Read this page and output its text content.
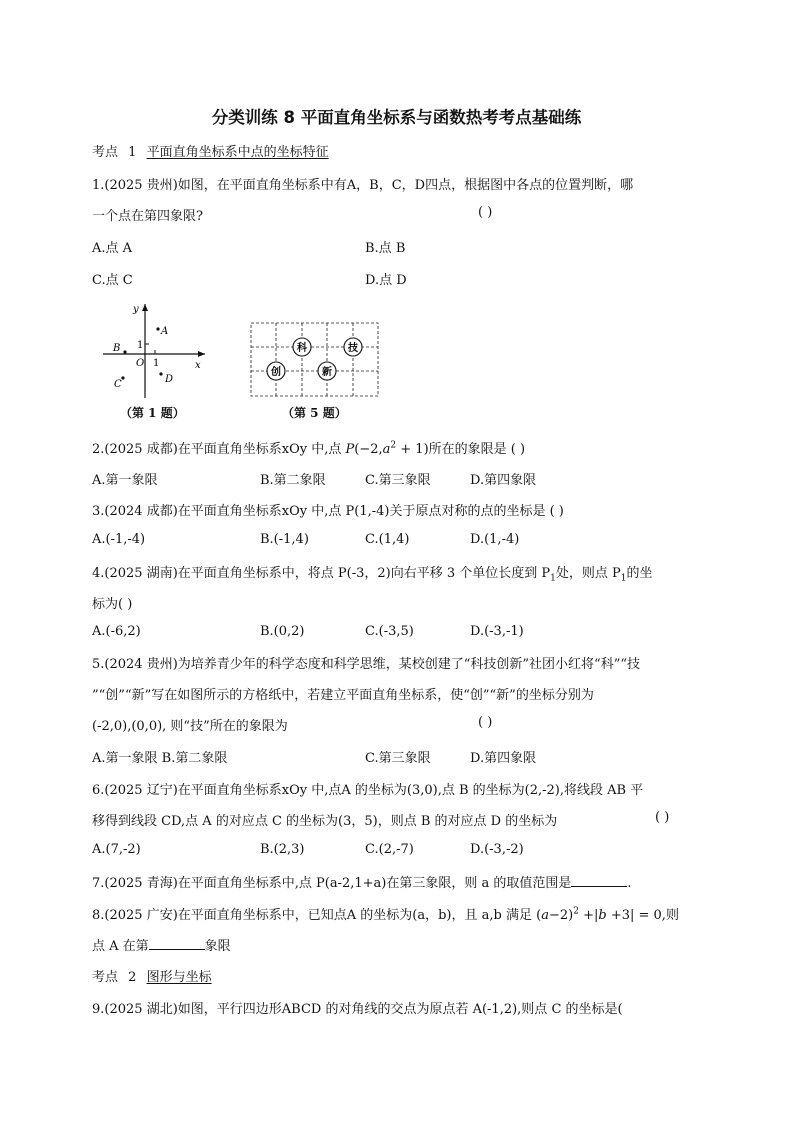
分类训练 8 平面直角坐标系与函数热考考点基础练
考点 1 平面直角坐标系中点的坐标特征
1.(2025 贵州)如图，在平面直角坐标系中有A，B，C，D四点，根据图中各点的位置判断，哪
一个点在第四象限?	( )
A.点 A	B.点 B
C.点 C	D.点 D
y
x
1
1
O
A
B
C	D
（第 1 题）
科	技
创	新
（第 5 题）
2.(2025 成都)在平面直角坐标系xOy 中,点 $P(-2,a^2 + 1)$所在的象限是 ( )
A.第一象限	B.第二象限	C.第三象限	D.第四象限
3.(2024 成都)在平面直角坐标系xOy 中,点 P(1,-4)关于原点对称的点的坐标是 ( )
A.(-1,-4)	B.(-1,4)	C.(1,4)	D.(1,-4)
4.(2025 湖南)在平面直角坐标系中，将点 P(-3，2)向右平移 3 个单位长度到 $P_1$处，则点 $P_1$的坐
标为( )
A.(-6,2)	B.(0,2)	C.(-3,5)	D.(-3,-1)
5.(2024 贵州)为培养青少年的科学态度和科学思维，某校创建了“科技创新”社团小红将“科”“技
”“创”“新”写在如图所示的方格纸中，若建立平面直角坐标系，使“创”“新”的坐标分别为
(-2,0),(0,0), 则“技”所在的象限为	( )
A.第一象限 B.第二象限	C.第三象限	D.第四象限
6.(2025 辽宁)在平面直角坐标系xOy 中,点A 的坐标为(3,0),点 B 的坐标为(2,-2),将线段 AB 平
移得到线段 CD,点 A 的对应点 C 的坐标为(3，5)，则点 B 的对应点 D 的坐标为	( )
A.(7,-2)	B.(2,3)	C.(2,-7)	D.(-3,-2)
7.(2025 青海)在平面直角坐标系中,点 P(a-2,1+a)在第三象限，则 a 的取值范围是	.
8.(2025 广安)在平面直角坐标系中，已知点A 的坐标为(a，b)，且 a,b 满足 $(a-2)^2 +|b +3| = 0$,则
点 A 在第	象限
考点 2 图形与坐标
9.(2025 湖北)如图，平行四边形ABCD 的对角线的交点为原点若 A(-1,2),则点 C 的坐标是(
